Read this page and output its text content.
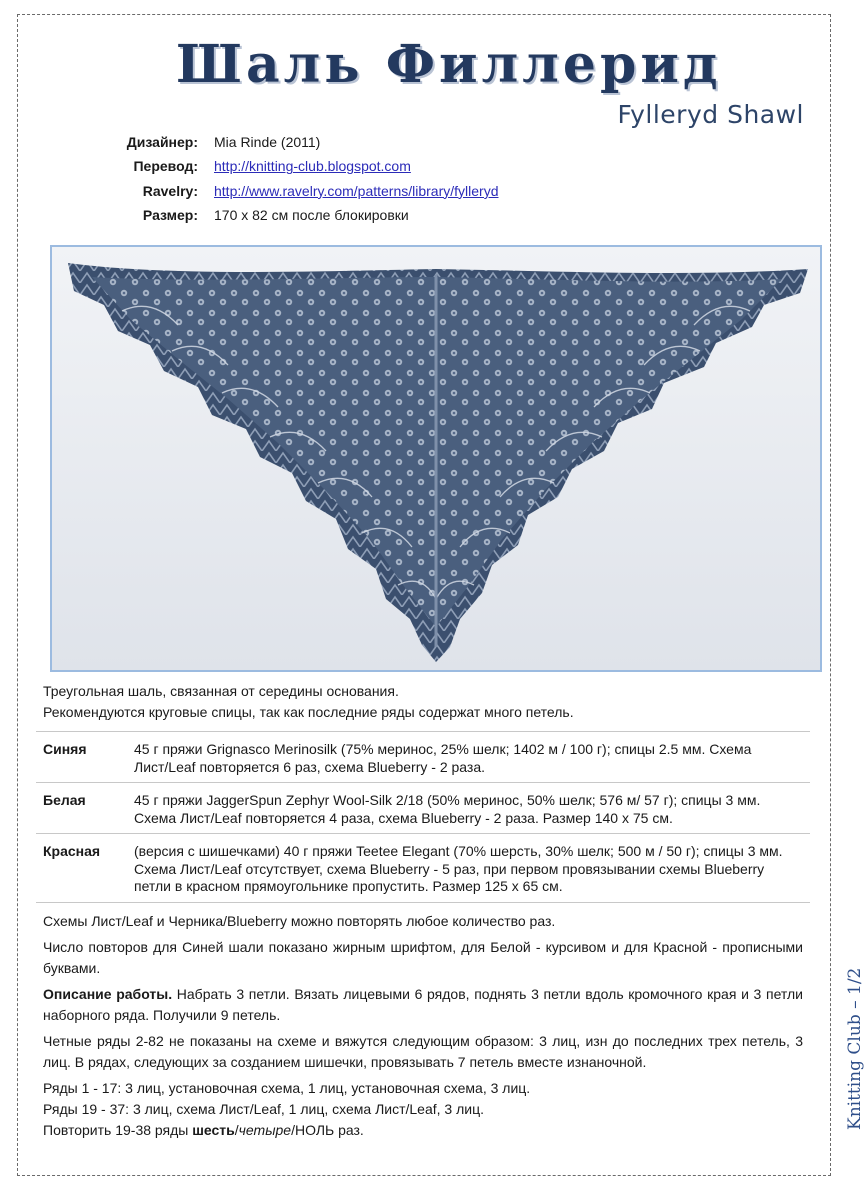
Шаль Филлерид
Fylleryd Shawl
Дизайнер:	Mia Rinde (2011)
Перевод:	http://knitting-club.blogspot.com
Ravelry:	http://www.ravelry.com/patterns/library/fylleryd
Размер:	170 х 82 см после блокировки
Треугольная шаль, связанная от середины основания.
Рекомендуются круговые спицы, так как последние ряды содержат много петель.
Синяя	45 г пряжи Grignasco Merinosilk (75% меринос, 25% шелк; 1402 м / 100 г); спицы 2.5 мм. Схема Лист/Leaf повторяется 6 раз, схема Blueberry - 2 раза.
Белая	45 г пряжи JaggerSpun Zephyr Wool-Silk 2/18 (50% меринос, 50% шелк; 576 м/ 57 г); спицы 3 мм. Схема Лист/Leaf повторяется 4 раза, схема Blueberry - 2 раза. Размер 140 х 75 см.
Красная	(версия с шишечками) 40 г пряжи Teetee Elegant (70% шерсть, 30% шелк; 500 м / 50 г); спицы 3 мм. Схема Лист/Leaf отсутствует, схема Blueberry - 5 раз, при первом провязывании схемы Blueberry петли в красном прямоугольнике пропустить. Размер 125 х 65 см.

Схемы Лист/Leaf и Черника/Blueberry можно повторять любое количество раз.

Число повторов для Синей шали показано жирным шрифтом, для Белой - курсивом и для Красной - прописными буквами.

Описание работы. Набрать 3 петли. Вязать лицевыми 6 рядов, поднять 3 петли вдоль кромочного края и 3 петли наборного ряда. Получили 9 петель.

Четные ряды 2-82 не показаны на схеме и вяжутся следующим образом: 3 лиц, изн до последних трех петель, 3 лиц. В рядах, следующих за созданием шишечки, провязывать 7 петель вместе изнаночной.

Ряды 1 - 17: 3 лиц, установочная схема, 1 лиц, установочная схема, 3 лиц.

Ряды 19 - 37: 3 лиц, схема Лист/Leaf, 1 лиц, схема Лист/Leaf, 3 лиц.

Повторить 19-38 ряды шесть/четыре/НОЛЬ раз.	Knitting Club – 1/2
